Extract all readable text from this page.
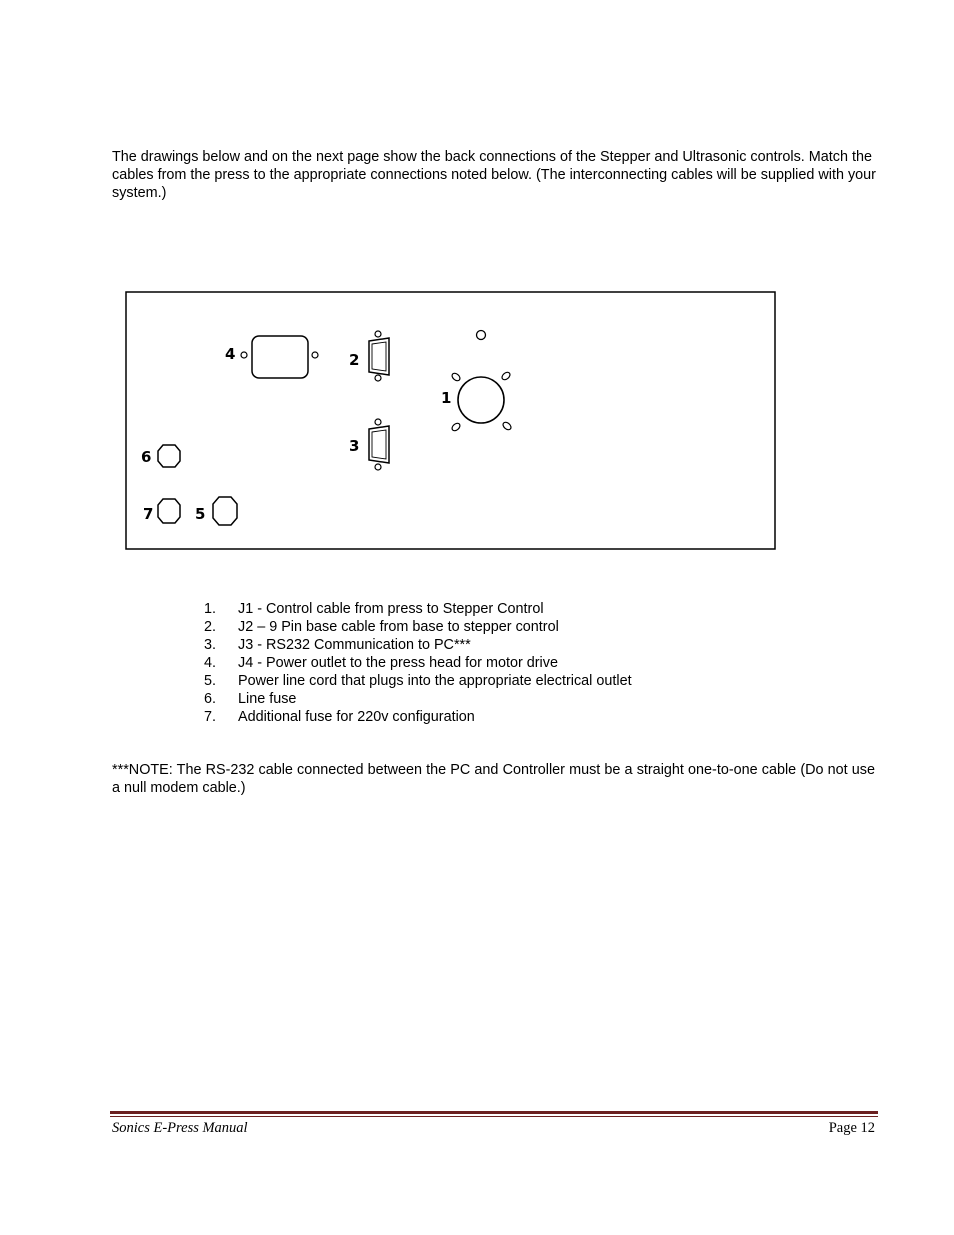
The drawings below and on the next page show the back connections of the Stepper and Ultrasonic controls. Match the cables from the press to the appropriate connections noted below. (The interconnecting cables will be supplied with your system.)

4	2
3
1
6
7	5
1.	J1 - Control cable from press to Stepper Control
2.	J2 – 9 Pin base cable from base to stepper control
3.	J3 - RS232 Communication to PC***
4.	J4 - Power outlet to the press head for motor drive
5.	Power line cord that plugs into the appropriate electrical outlet
6.	Line fuse
7.	Additional fuse for 220v configuration

***NOTE: The RS-232 cable connected between the PC and Controller must be a straight one-to-one cable (Do not use a null modem cable.)

Sonics E-Press Manual	Page 12
